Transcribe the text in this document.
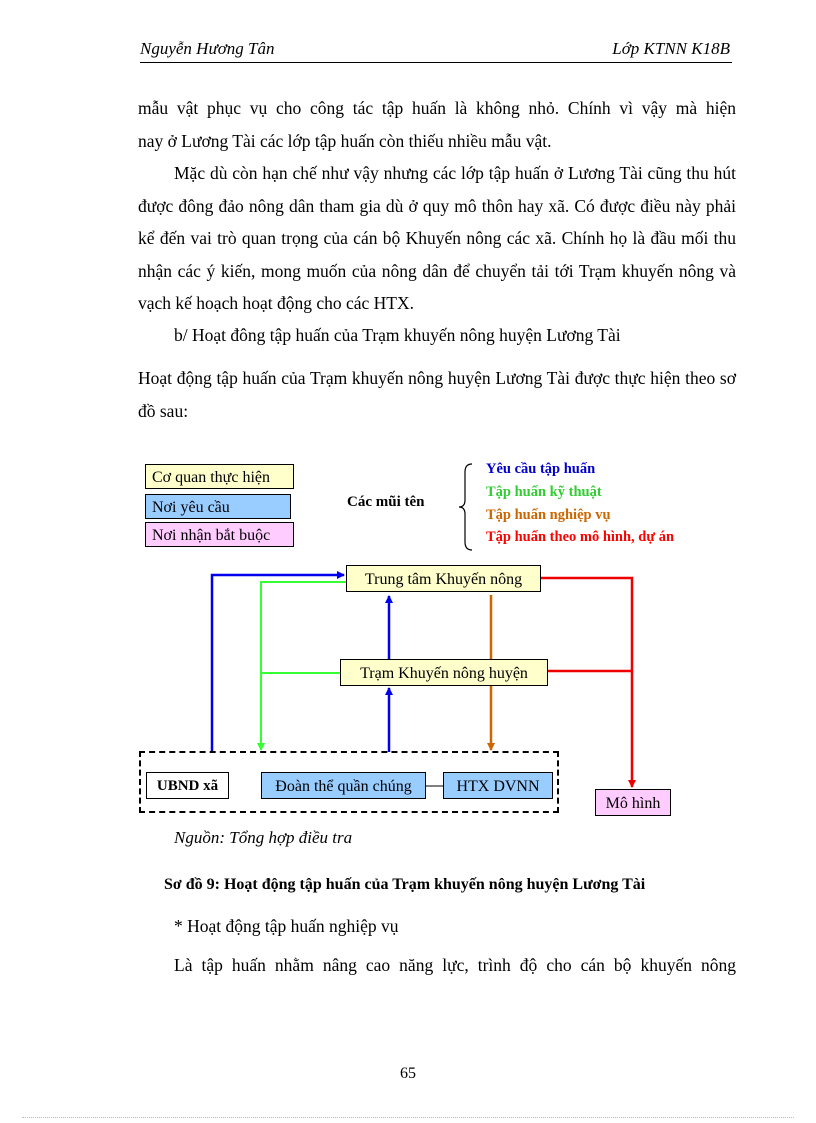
Nguyễn Hương Tân	Lớp KTNN K18B
mẫu vật phục vụ cho công tác tập huấn là không nhỏ. Chính vì vậy mà hiện
nay ở Lương Tài các lớp tập huấn còn thiếu nhiều mẫu vật.

Mặc dù còn hạn chế như vậy nhưng các lớp tập huấn ở Lương Tài cũng thu hút được đông đảo nông dân tham gia dù ở quy mô thôn hay xã. Có được điều này phải kể đến vai trò quan trọng của cán bộ Khuyến nông các xã. Chính họ là đầu mối thu nhận các ý kiến, mong muốn của nông dân để chuyển tải tới Trạm khuyến nông và vạch kế hoạch hoạt động cho các HTX.

b/ Hoạt đông tập huấn của Trạm khuyến nông huyện Lương Tài

Hoạt động tập huấn của Trạm khuyến nông huyện Lương Tài được thực hiện theo sơ đồ sau:

Cơ quan thực hiện
Nơi yêu cầu
Nơi nhận bắt buộc
Các mũi tên
Yêu cầu tập huấn
Tập huấn kỹ thuật
Tập huấn nghiệp vụ
Tập huấn theo mô hình, dự án
Trung tâm Khuyến nông
Trạm Khuyến nông huyện
UBND xã	Đoàn thể quần chúng	HTX DVNN
Mô hình
Nguồn: Tổng hợp điều tra
Sơ đồ 9: Hoạt động tập huấn của Trạm khuyến nông huyện Lương Tài
* Hoạt động tập huấn nghiệp vụ
Là tập huấn nhằm nâng cao năng lực, trình độ cho cán bộ khuyến nông
65
